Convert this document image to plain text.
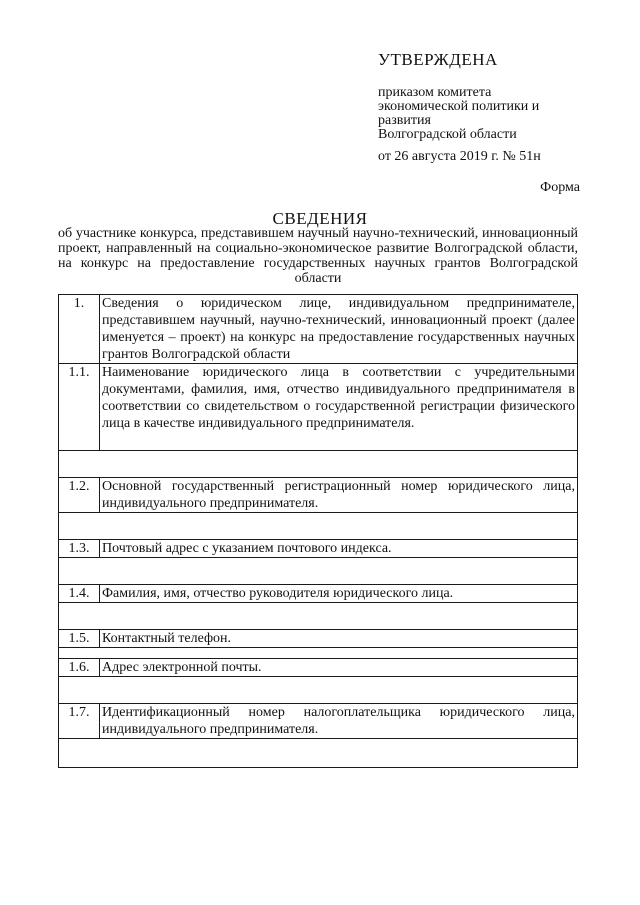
УТВЕРЖДЕНА
приказом комитета
экономической политики и
развития
Волгоградской области
от 26 августа 2019 г. № 51н
Форма
СВЕДЕНИЯ
об участнике конкурса, представившем научный научно-технический, инновационный проект, направленный на социально-экономическое развитие Волгоградской области, на конкурс на предоставление государственных научных грантов Волгоградской области
1.	Сведения о юридическом лице, индивидуальном предпринимателе, представившем научный, научно-технический, инновационный проект (далее именуется – проект) на конкурс на предоставление государственных научных грантов Волгоградской области
1.1.	Наименование юридического лица в соответствии с учредительными документами, фамилия, имя, отчество индивидуального предпринимателя в соответствии со свидетельством о государственной регистрации физического лица в качестве индивидуального предпринимателя.

1.2.	Основной государственный регистрационный номер юридического лица, индивидуального предпринимателя.

1.3.	Почтовый адрес с указанием почтового индекса.

1.4.	Фамилия, имя, отчество руководителя юридического лица.

1.5.	Контактный телефон.

1.6.	Адрес электронной почты.

1.7.	Идентификационный номер налогоплательщика юридического лица, индивидуального предпринимателя.
